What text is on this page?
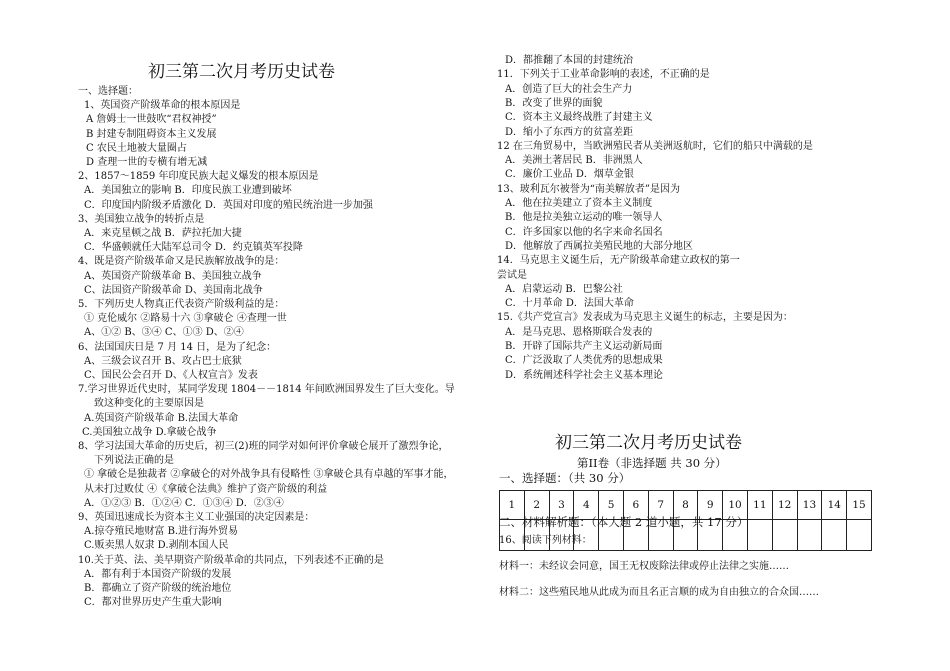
初三第二次月考历史试卷
一、选择题：
1、英国资产阶级革命的根本原因是
A 詹姆士一世鼓吹“君权神授”
B 封建专制阻碍资本主义发展
C 农民土地被大量圈占
D 查理一世的专横有增无减
2、1857～1859 年印度民族大起义爆发的根本原因是
A．美国独立的影响 B．印度民族工业遭到破坏
C．印度国内阶级矛盾激化 D．英国对印度的殖民统治进一步加强
3、美国独立战争的转折点是
A．来克星顿之战 B．萨拉托加大捷
C．华盛顿就任大陆军总司令 D．约克镇英军投降
4、既是资产阶级革命又是民族解放战争的是：
A、英国资产阶级革命 B、美国独立战争
C、法国资产阶级革命 D、美国南北战争
5．下列历史人物真正代表资产阶级利益的是：
① 克伦威尔 ②路易十六 ③拿破仑 ④查理一世
A、①② B、③④ C、①③ D、②④
6、法国国庆日是 7 月 14 日，是为了纪念：
A、三级会议召开 B、攻占巴士底狱
C、国民公会召开 D、《人权宣言》发表
7.学习世界近代史时，某同学发现 1804－－1814 年间欧洲国界发生了巨大变化。导
致这种变化的主要原因是
A.英国资产阶级革命 B.法国大革命
C.美国独立战争 D.拿破仑战争
8、学习法国大革命的历史后，初三(2)班的同学对如何评价拿破仑展开了激烈争论，
下列说法正确的是
① 拿破仑是独裁者 ②拿破仑的对外战争具有侵略性 ③拿破仑具有卓越的军事才能，
从未打过败仗 ④《拿破仑法典》维护了资产阶级的利益
A．①②③ B．①②④ C．①③④ D．②③④
9、英国迅速成长为资本主义工业强国的决定因素是：
A.掠夺殖民地财富 B.进行海外贸易
C.贩卖黑人奴隶 D.剥削本国人民
10.关于英、法、美早期资产阶级革命的共同点，下列表述不正确的是
A．都有利于本国资产阶级的发展
B．都确立了资产阶级的统治地位
C．都对世界历史产生重大影响
D．都推翻了本国的封建统治
11．下列关于工业革命影响的表述，不正确的是
A．创造了巨大的社会生产力
B．改变了世界的面貌
C．资本主义最终战胜了封建主义
D．缩小了东西方的贫富差距
12 在三角贸易中，当欧洲殖民者从美洲返航时，它们的船只中满载的是
A．美洲土著居民 B．非洲黑人
C．廉价工业品 D．烟草金银
13、玻利瓦尔被誉为“南美解放者”是因为
A．他在拉美建立了资本主义制度
B．他是拉美独立运动的唯一领导人
C．许多国家以他的名字来命名国名
D．他解放了西属拉美殖民地的大部分地区
14．马克思主义诞生后，无产阶级革命建立政权的第一
尝试是
A．启蒙运动 B．巴黎公社
C．十月革命 D．法国大革命
15.《共产党宣言》发表成为马克思主义诞生的标志，主要是因为：
A．是马克思、恩格斯联合发表的
B．开辟了国际共产主义运动新局面
C．广泛汲取了人类优秀的思想成果
D．系统阐述科学社会主义基本理论
初三第二次月考历史试卷
第II卷（非选择题 共 30 分）
一、选择题：（共 30 分）
1	2	3	4	5	6	7	8	9	10	11	12	13	14	15

二、材料解析题：（本大题 2 道小题，共 17 分）
16、阅读下列材料：
材料一：未经议会同意，国王无权废除法律或停止法律之实施……
材料二：这些殖民地从此成为而且名正言顺的成为自由独立的合众国……
